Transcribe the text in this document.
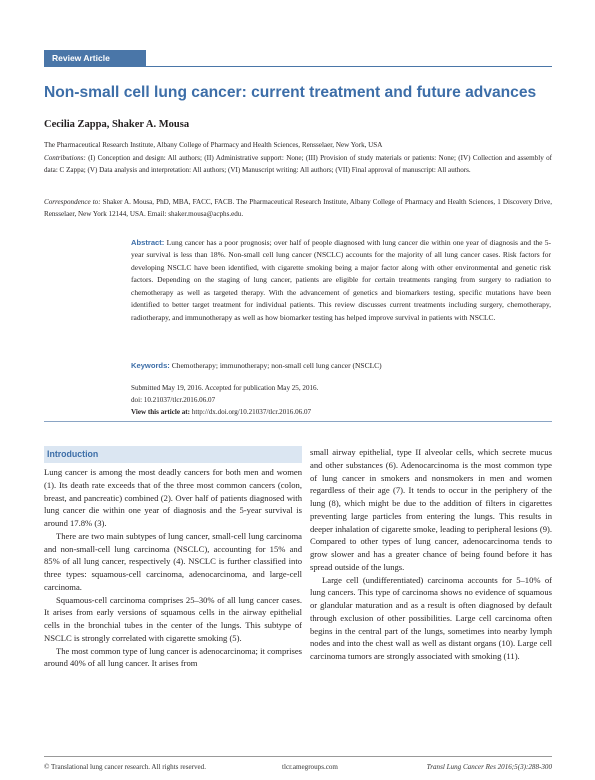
Review Article
Non-small cell lung cancer: current treatment and future advances
Cecilia Zappa, Shaker A. Mousa
The Pharmaceutical Research Institute, Albany College of Pharmacy and Health Sciences, Rensselaer, New York, USA
Contributions: (I) Conception and design: All authors; (II) Administrative support: None; (III) Provision of study materials or patients: None; (IV) Collection and assembly of data: C Zappa; (V) Data analysis and interpretation: All authors; (VI) Manuscript writing: All authors; (VII) Final approval of manuscript: All authors.
Correspondence to: Shaker A. Mousa, PhD, MBA, FACC, FACB. The Pharmaceutical Research Institute, Albany College of Pharmacy and Health Sciences, 1 Discovery Drive, Rensselaer, New York 12144, USA. Email: shaker.mousa@acphs.edu.
Abstract: Lung cancer has a poor prognosis; over half of people diagnosed with lung cancer die within one year of diagnosis and the 5-year survival is less than 18%. Non-small cell lung cancer (NSCLC) accounts for the majority of all lung cancer cases. Risk factors for developing NSCLC have been identified, with cigarette smoking being a major factor along with other environmental and genetic risk factors. Depending on the staging of lung cancer, patients are eligible for certain treatments ranging from surgery to radiation to chemotherapy as well as targeted therapy. With the advancement of genetics and biomarkers testing, specific mutations have been identified to better target treatment for individual patients. This review discusses current treatments including surgery, chemotherapy, radiotherapy, and immunotherapy as well as how biomarker testing has helped improve survival in patients with NSCLC.
Keywords: Chemotherapy; immunotherapy; non-small cell lung cancer (NSCLC)
Submitted May 19, 2016. Accepted for publication May 25, 2016.
doi: 10.21037/tlcr.2016.06.07
View this article at: http://dx.doi.org/10.21037/tlcr.2016.06.07
Introduction

Lung cancer is among the most deadly cancers for both men and women (1). Its death rate exceeds that of the three most common cancers (colon, breast, and pancreatic) combined (2). Over half of patients diagnosed with lung cancer die within one year of diagnosis and the 5-year survival is around 17.8% (3).

There are two main subtypes of lung cancer, small-cell lung carcinoma and non-small-cell lung carcinoma (NSCLC), accounting for 15% and 85% of all lung cancer, respectively (4). NSCLC is further classified into three types: squamous-cell carcinoma, adenocarcinoma, and large-cell carcinoma.

Squamous-cell carcinoma comprises 25–30% of all lung cancer cases. It arises from early versions of squamous cells in the airway epithelial cells in the bronchial tubes in the center of the lungs. This subtype of NSCLC is strongly correlated with cigarette smoking (5).

The most common type of lung cancer is adenocarcinoma; it comprises around 40% of all lung cancer. It arises from

small airway epithelial, type II alveolar cells, which secrete mucus and other substances (6). Adenocarcinoma is the most common type of lung cancer in smokers and nonsmokers in men and women regardless of their age (7). It tends to occur in the periphery of the lung (8), which might be due to the addition of filters in cigarettes preventing large particles from entering the lungs. This results in deeper inhalation of cigarette smoke, leading to peripheral lesions (9). Compared to other types of lung cancer, adenocarcinoma tends to grow slower and has a greater chance of being found before it has spread outside of the lungs.

Large cell (undifferentiated) carcinoma accounts for 5–10% of lung cancers. This type of carcinoma shows no evidence of squamous or glandular maturation and as a result is often diagnosed by default through exclusion of other possibilities. Large cell carcinoma often begins in the central part of the lungs, sometimes into nearby lymph nodes and into the chest wall as well as distant organs (10). Large cell carcinoma tumors are strongly associated with smoking (11).

© Translational lung cancer research. All rights reserved.	tlcr.amegroups.com	Transl Lung Cancer Res 2016;5(3):288-300
